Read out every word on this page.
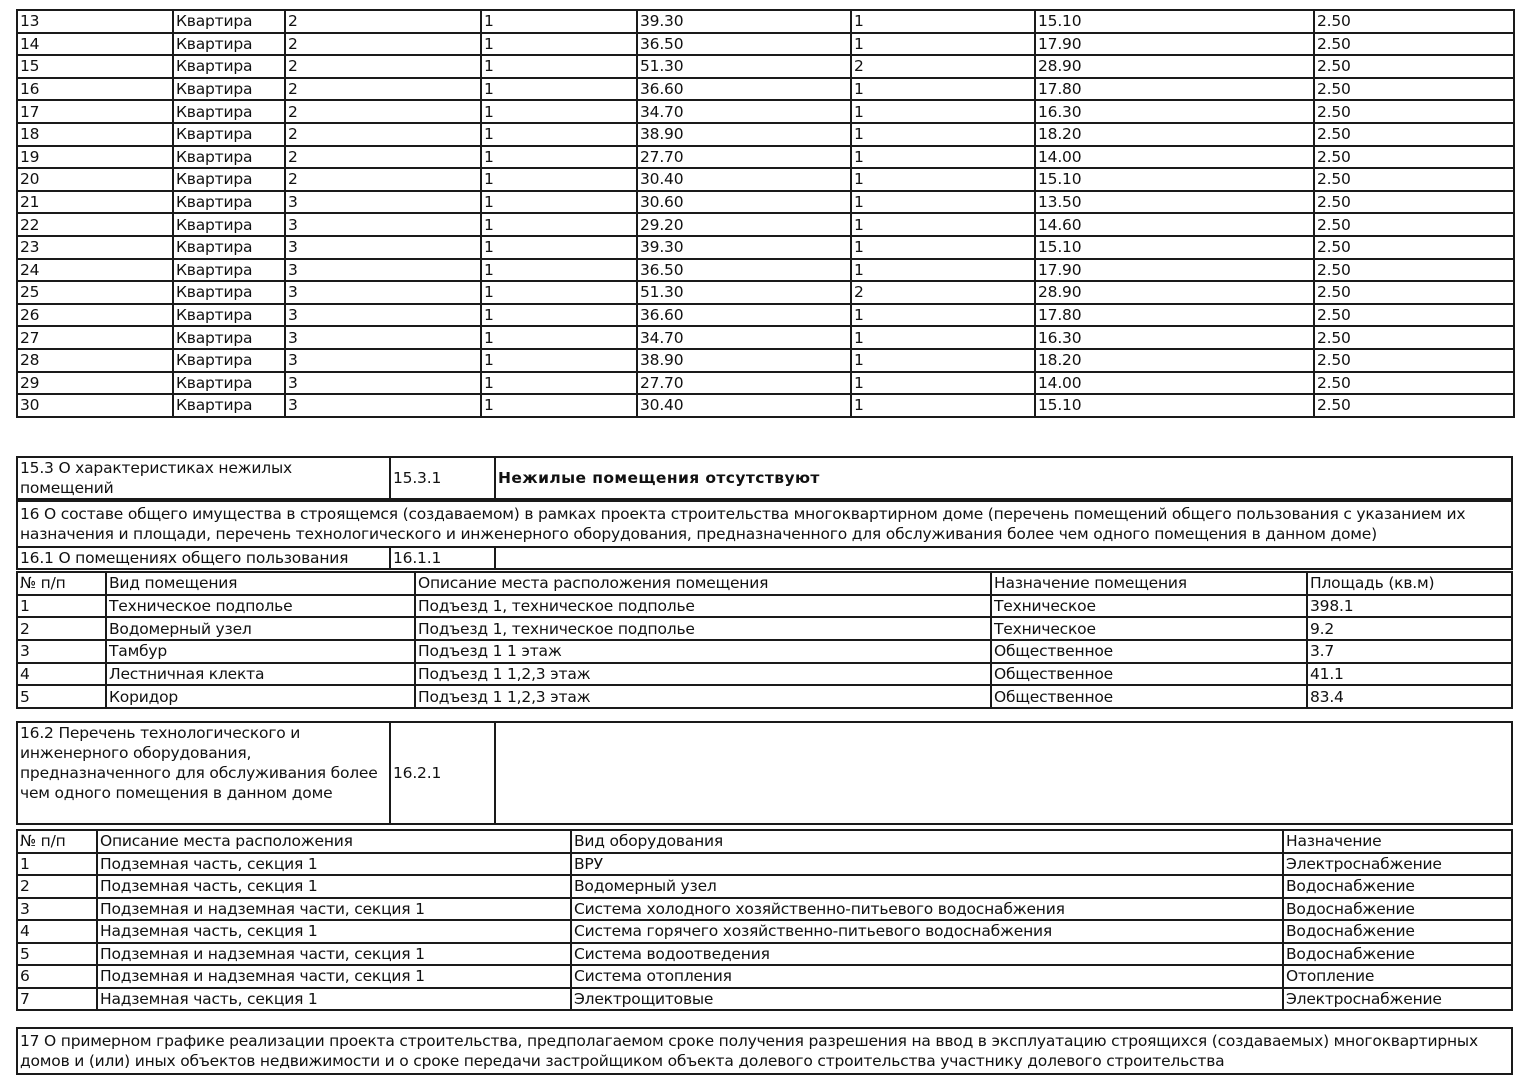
13	Квартира	2	1	39.30	1	15.10	2.50
14	Квартира	2	1	36.50	1	17.90	2.50
15	Квартира	2	1	51.30	2	28.90	2.50
16	Квартира	2	1	36.60	1	17.80	2.50
17	Квартира	2	1	34.70	1	16.30	2.50
18	Квартира	2	1	38.90	1	18.20	2.50
19	Квартира	2	1	27.70	1	14.00	2.50
20	Квартира	2	1	30.40	1	15.10	2.50
21	Квартира	3	1	30.60	1	13.50	2.50
22	Квартира	3	1	29.20	1	14.60	2.50
23	Квартира	3	1	39.30	1	15.10	2.50
24	Квартира	3	1	36.50	1	17.90	2.50
25	Квартира	3	1	51.30	2	28.90	2.50
26	Квартира	3	1	36.60	1	17.80	2.50
27	Квартира	3	1	34.70	1	16.30	2.50
28	Квартира	3	1	38.90	1	18.20	2.50
29	Квартира	3	1	27.70	1	14.00	2.50
30	Квартира	3	1	30.40	1	15.10	2.50
15.3 О характеристиках нежилых помещений	15.3.1	Нежилые помещения отсутствуют
16 О составе общего имущества в строящемся (создаваемом) в рамках проекта строительства многоквартирном доме (перечень помещений общего пользования с указанием их назначения и площади, перечень технологического и инженерного оборудования, предназначенного для обслуживания более чем одного помещения в данном доме)
16.1 О помещениях общего пользования	16.1.1	
№ п/п	Вид помещения	Описание места расположения помещения	Назначение помещения	Площадь (кв.м)
1	Техническое подполье	Подъезд 1, техническое подполье	Техническое	398.1
2	Водомерный узел	Подъезд 1, техническое подполье	Техническое	9.2
3	Тамбур	Подъезд 1 1 этаж	Общественное	3.7
4	Лестничная клекта	Подъезд 1 1,2,3 этаж	Общественное	41.1
5	Коридор	Подъезд 1 1,2,3 этаж	Общественное	83.4
16.2 Перечень технологического и инженерного оборудования, предназначенного для обслуживания более чем одного помещения в данном доме	16.2.1	
№ п/п	Описание места расположения	Вид оборудования	Назначение
1	Подземная часть, секция 1	ВРУ	Электроснабжение
2	Подземная часть, секция 1	Водомерный узел	Водоснабжение
3	Подземная и надземная части, секция 1	Система холодного хозяйственно-питьевого водоснабжения	Водоснабжение
4	Надземная часть, секция 1	Система горячего хозяйственно-питьевого водоснабжения	Водоснабжение
5	Подземная и надземная части, секция 1	Система водоотведения	Водоснабжение
6	Подземная и надземная части, секция 1	Система отопления	Отопление
7	Надземная часть, секция 1	Электрощитовые	Электроснабжение
17 О примерном графике реализации проекта строительства, предполагаемом сроке получения разрешения на ввод в эксплуатацию строящихся (создаваемых) многоквартирных домов и (или) иных объектов недвижимости и о сроке передачи застройщиком объекта долевого строительства участнику долевого строительства
